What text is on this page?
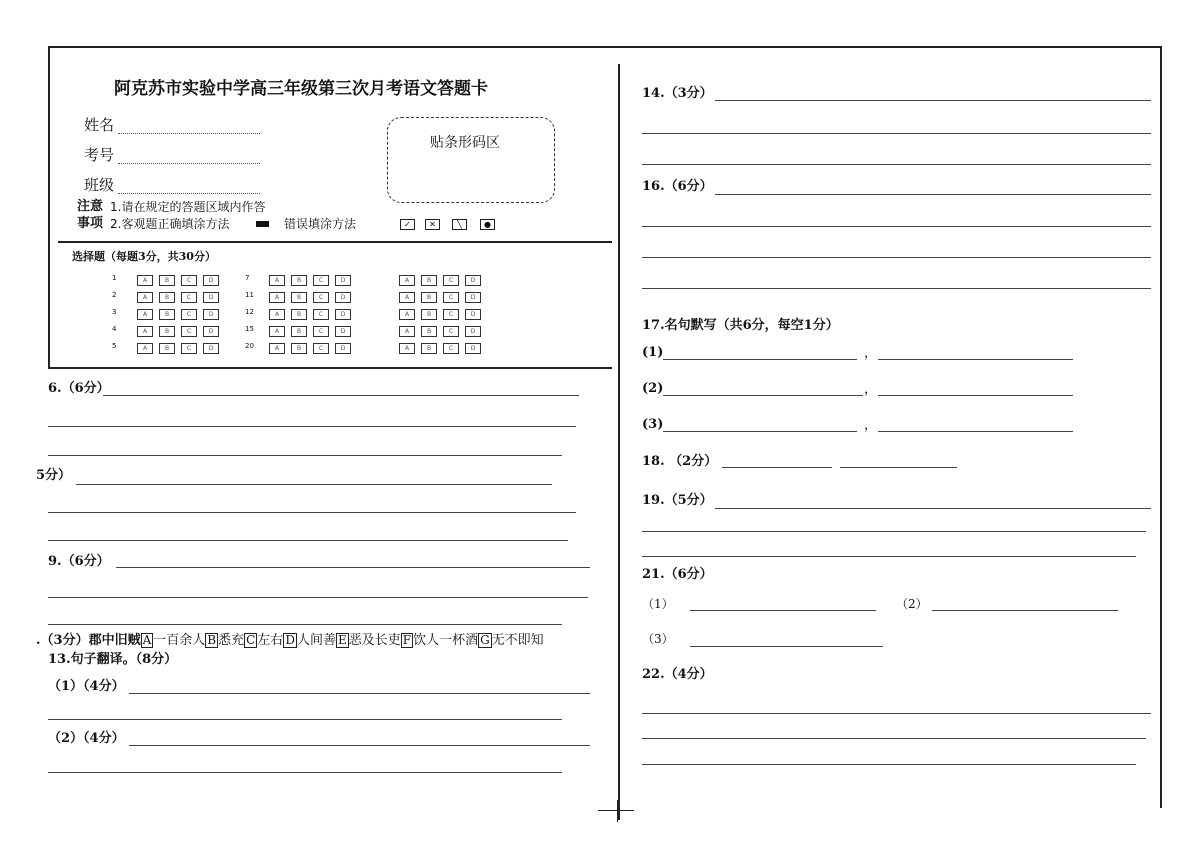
阿克苏市实验中学高三年级第三次月考语文答题卡
姓名
考号
班级
贴条形码区
注意 1.请在规定的答题区域内作答
事项 2.客观题正确填涂方法	错误填涂方法	✓	✕	╲	●
选择题（每题3分，共30分）
1	A	B	C	D
2	A	B	C	D
3	A	B	C	D
4	A	B	C	D
5	A	B	C	D
7	A	B	C	D
11	A	B	C	D
12	A	B	C	D
15	A	B	C	D
20	A	B	C	D
A	B	C	D
A	B	C	D
A	B	C	D
A	B	C	D
A	B	C	D
6.（6分）
5分）
9.（6分）
.（3分）郡中旧贼 A 一百余人 B 悉充 C 左右 D 人间善 E 恶及长吏 F 饮人一杯酒 G 无不即知
13.句子翻译。（8分）
（1）（4分）
（2）（4分）
14.（3分）
16.（6分）
17.名句默写（共6分，每空1分）
(1)	，
(2)	，
(3)	，
18. （2分）
19.（5分）
21.（6分）
（1）	（2）
（3）
22.（4分）
